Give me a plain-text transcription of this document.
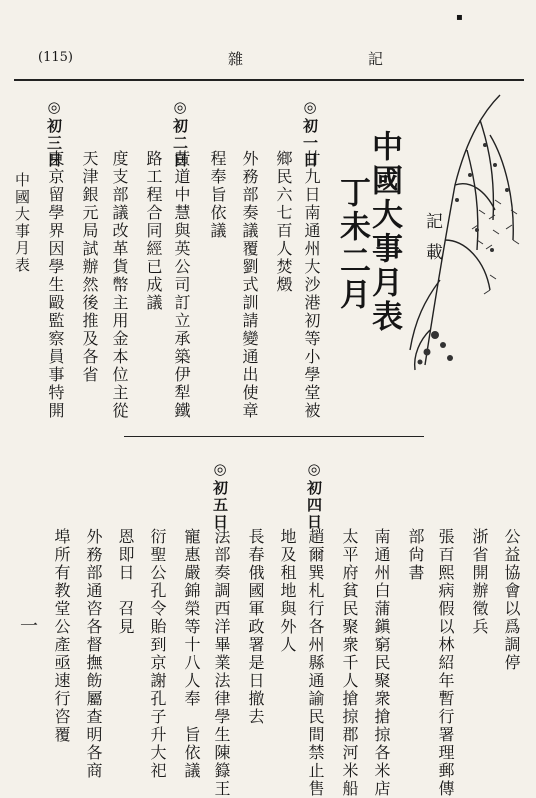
(115)	雜	記
▪
記載
中國大事月表
丁未二月
◎初一日
廿九日南通州大沙港初等小學堂被
鄉民六七百人焚燬
外務部奏議覆劉式訓請變通出使章
程奉旨依議
◎初二日
黃道中慧與英公司訂立承築伊犁鐵
路工程合同經已成議
度支部議改革貨幣主用金本位主從
天津銀元局試辦然後推及各省
◎初三日
東京留學界因學生毆監察員事特開
中國大事月表
公益協會以爲調停
浙省開辦徵兵
張百熙病假以林紹年暫行署理郵傳
部尙書
南通州白蒲鎭窮民聚衆搶掠各米店
太平府貧民聚衆千人搶掠郡河米船
◎初四日
趙爾巽札行各州縣通諭民間禁止售
地及租地與外人
長春俄國軍政署是日撤去
◎初五日
法部奏調西洋畢業法律學生陳籙王
寵惠嚴錦榮等十八人奉　旨依議
衍聖公孔令貽到京謝孔子升大祀
恩即日　召見
外務部通咨各督撫飭屬查明各商
埠所有教堂公產亟速行咨覆
一
